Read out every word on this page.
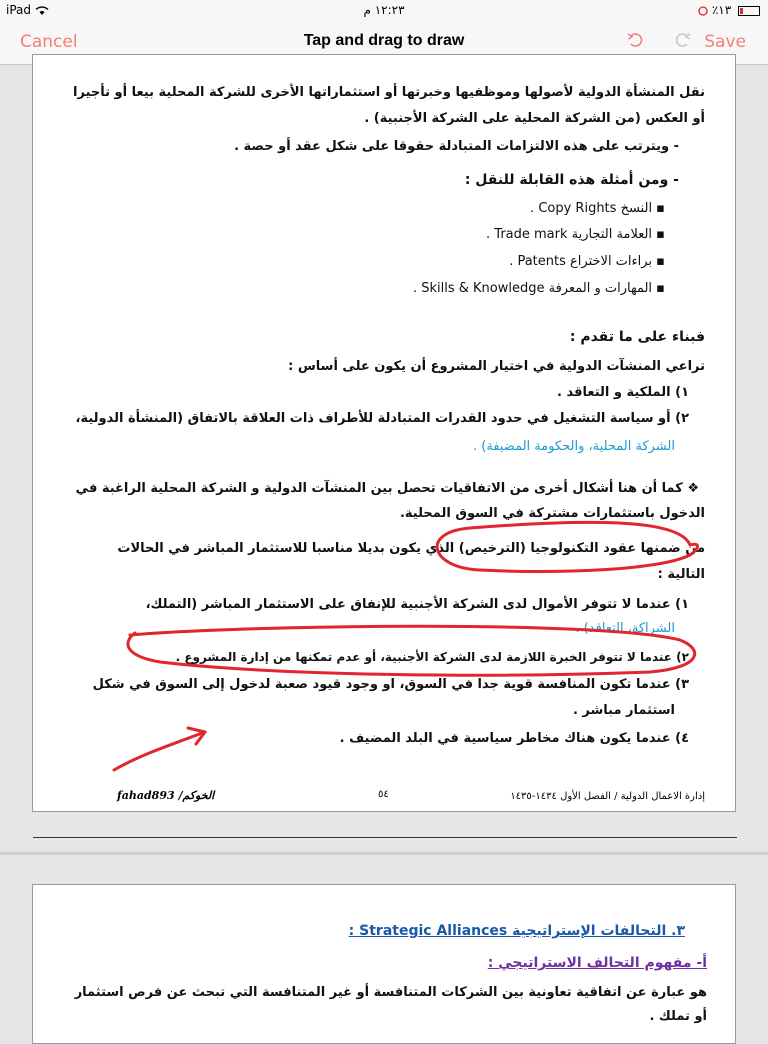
iPad	١٢:٢٣ م	٪١٣
Cancel	Tap and drag to draw	Save
نقل المنشأة الدولية لأصولها وموظفيها وخبرتها أو استثماراتها الأخرى للشركة المحلية بيعا أو تأجيرا
أو العكس (من الشركة المحلية على الشركة الأجنبية) .
- ويترتب على هذه الالتزامات المتبادلة حقوقا على شكل عقد أو حصة .
- ومن أمثلة هذه القابلة للنقل :
▪ النسخ Copy Rights .
▪ العلامة التجارية Trade mark .
▪ براءات الاختراع Patents .
▪ المهارات و المعرفة Skills & Knowledge .
فبناء على ما تقدم :
تراعي المنشآت الدولية في اختيار المشروع أن يكون على أساس :
١) الملكية و التعاقد .
٢) أو سياسة التشغيل في حدود القدرات المتبادلة للأطراف ذات العلاقة بالاتفاق (المنشأة الدولية،
الشركة المحلية، والحكومة المضيفة) .
❖ كما أن هنا أشكال أخرى من الاتفاقيات تحصل بين المنشآت الدولية و الشركة المحلية الراغبة في
الدخول باستثمارات مشتركة في السوق المحلية.
من ضمنها عقود التكنولوجيا (الترخيص) الذي يكون بديلا مناسبا للاستثمار المباشر في الحالات
التالية :
١) عندما لا تتوفر الأموال لدى الشركة الأجنبية للإنفاق على الاستثمار المباشر (التملك،
الشراكة، التعاقد) .
٢) عندما لا تتوفر الخبرة اللازمة لدى الشركة الأجنبية، أو عدم تمكنها من إدارة المشروع .
٣) عندما تكون المنافسة قوية جدا في السوق، او وجود قيود صعبة لدخول إلى السوق في شكل
استثمار مباشر .
٤) عندما يكون هناك مخاطر سياسية في البلد المضيف .
fahad893 /الخوكم	٥٤	إدارة الاعمال الدولية / الفصل الأول ١٤٣٤-١٤٣٥
٣. التحالفات الإستراتيجية Strategic Alliances :
أ- مفهوم التحالف الاستراتيجي :
هو عبارة عن اتفاقية تعاونية بين الشركات المتنافسة أو غير المتنافسة التي تبحث عن فرص استثمار
أو تملك .
